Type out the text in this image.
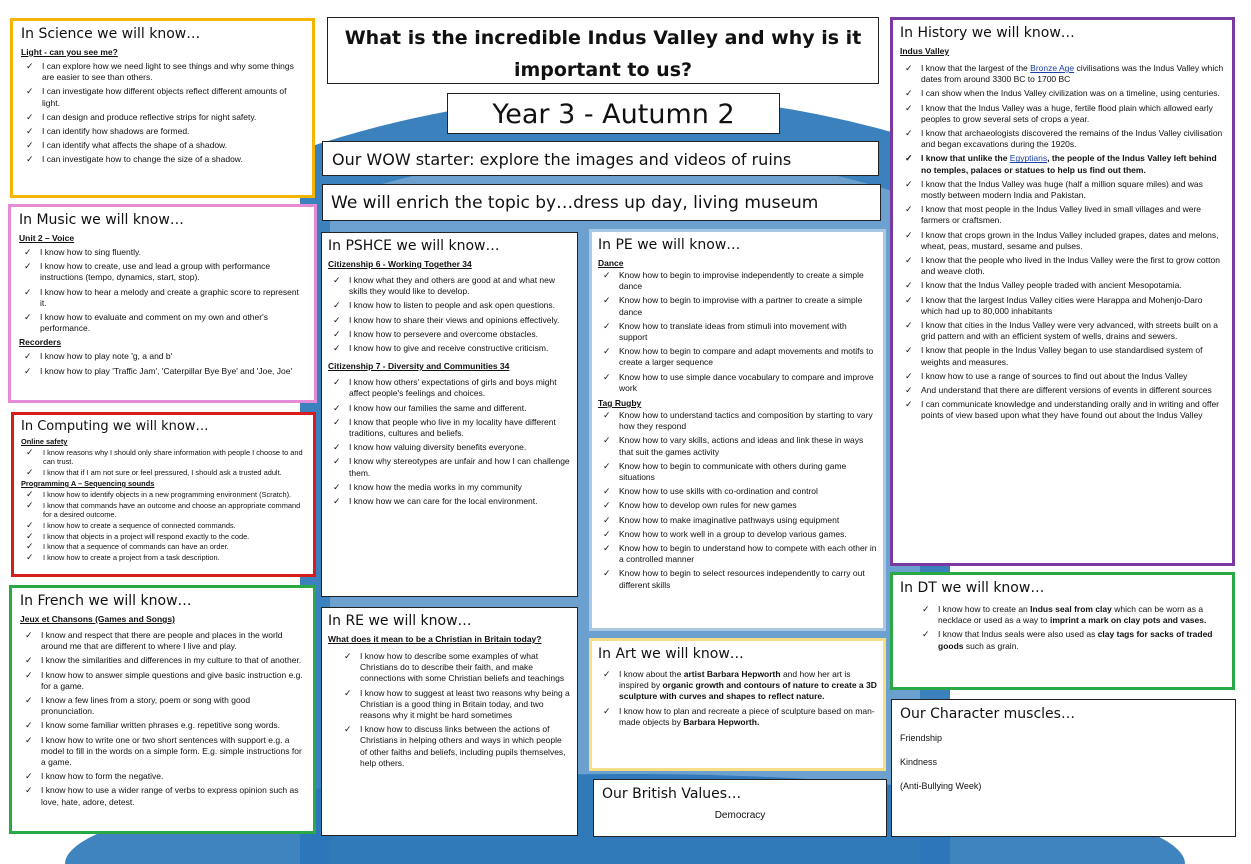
What is the incredible Indus Valley and why is it important to us?
Year 3 - Autumn 2
Our WOW starter: explore the images and videos of ruins
We will enrich the topic by…dress up day, living museum
In Science we will know…
Light - can you see me?
✓ I can explore how we need light to see things and why some things are easier to see than others.
✓ I can investigate how different objects reflect different amounts of light.
✓ I can design and produce reflective strips for night safety.
✓ I can identify how shadows are formed.
✓ I can identify what affects the shape of a shadow.
✓ I can investigate how to change the size of a shadow.
In Music we will know…
Unit 2 – Voice
✓ I know how to sing fluently.
✓ I know how to create, use and lead a group with performance instructions (tempo, dynamics, start, stop).
✓ I know how to hear a melody and create a graphic score to represent it.
✓ I know how to evaluate and comment on my own and other's performance.
Recorders
✓ I know how to play note 'g, a and b'
✓ I know how to play 'Traffic Jam', 'Caterpillar Bye Bye' and 'Joe, Joe'
In Computing we will know…
Online safety
✓ I know reasons why I should only share information with people I choose to and can trust.
✓ I know that if I am not sure or feel pressured, I should ask a trusted adult.
Programming A – Sequencing sounds
✓ I know how to identify objects in a new programming environment (Scratch).
✓ I know that commands have an outcome and choose an appropriate command for a desired outcome.
✓ I know how to create a sequence of connected commands.
✓ I know that objects in a project will respond exactly to the code.
✓ I know that a sequence of commands can have an order.
✓ I know how to create a project from a task description.
In French we will know…
Jeux et Chansons (Games and Songs)
✓ I know and respect that there are people and places in the world around me that are different to where I live and play.
✓ I know the similarities and differences in my culture to that of another.
✓ I know how to answer simple questions and give basic instruction e.g. for a game.
✓ I know a few lines from a story, poem or song with good pronunciation.
✓ I know some familiar written phrases e.g. repetitive song words.
✓ I know how to write one or two short sentences with support e.g. a model to fill in the words on a simple form. E.g. simple instructions for a game.
✓ I know how to form the negative.
✓ I know how to use a wider range of verbs to express opinion such as love, hate, adore, detest.
In PSHCE we will know…
Citizenship 6 - Working Together 34
✓ I know what they and others are good at and what new skills they would like to develop.
✓ I know how to listen to people and ask open questions.
✓ I know how to share their views and opinions effectively.
✓ I know how to persevere and overcome obstacles.
✓ I know how to give and receive constructive criticism.
Citizenship 7 - Diversity and Communities 34
✓ I know how others' expectations of girls and boys might affect people's feelings and choices.
✓ I know how our families the same and different.
✓ I know that people who live in my locality have different traditions, cultures and beliefs.
✓ I know how valuing diversity benefits everyone.
✓ I know why stereotypes are unfair and how I can challenge them.
✓ I know how the media works in my community
✓ I know how we can care for the local environment.
In RE we will know…
What does it mean to be a Christian in Britain today?
✓ I know how to describe some examples of what Christians do to describe their faith, and make connections with some Christian beliefs and teachings
✓ I know how to suggest at least two reasons why being a Christian is a good thing in Britain today, and two reasons why it might be hard sometimes
✓ I know how to discuss links between the actions of Christians in helping others and ways in which people of other faiths and beliefs, including pupils themselves, help others.
In PE we will know…
Dance
✓ Know how to begin to improvise independently to create a simple dance
✓ Know how to begin to improvise with a partner to create a simple dance
✓ Know how to translate ideas from stimuli into movement with support
✓ Know how to begin to compare and adapt movements and motifs to create a larger sequence
✓ Know how to use simple dance vocabulary to compare and improve work
Tag Rugby
✓ Know how to understand tactics and composition by starting to vary how they respond
✓ Know how to vary skills, actions and ideas and link these in ways that suit the games activity
✓ Know how to begin to communicate with others during game situations
✓ Know how to use skills with co-ordination and control
✓ Know how to develop own rules for new games
✓ Know how to make imaginative pathways using equipment
✓ Know how to work well in a group to develop various games.
✓ Know how to begin to understand how to compete with each other in a controlled manner
✓ Know how to begin to select resources independently to carry out different skills
In Art we will know…
✓ I know about the artist Barbara Hepworth and how her art is inspired by organic growth and contours of nature to create a 3D sculpture with curves and shapes to reflect nature.
✓ I know how to plan and recreate a piece of sculpture based on man-made objects by Barbara Hepworth.
Our British Values…
Democracy
In History we will know…
Indus Valley
✓ I know that the largest of the Bronze Age civilisations was the Indus Valley which dates from around 3300 BC to 1700 BC
✓ I can show when the Indus Valley civilization was on a timeline, using centuries.
✓ I know that the Indus Valley was a huge, fertile flood plain which allowed early peoples to grow several sets of crops a year.
✓ I know that archaeologists discovered the remains of the Indus Valley civilisation and began excavations during the 1920s.
✓ I know that unlike the Egyptians, the people of the Indus Valley left behind no temples, palaces or statues to help us find out them.
✓ I know that the Indus Valley was huge (half a million square miles) and was mostly between modern India and Pakistan.
✓ I know that most people in the Indus Valley lived in small villages and were farmers or craftsmen.
✓ I know that crops grown in the Indus Valley included grapes, dates and melons, wheat, peas, mustard, sesame and pulses.
✓ I know that the people who lived in the Indus Valley were the first to grow cotton and weave cloth.
✓ I know that the Indus Valley people traded with ancient Mesopotamia.
✓ I know that the largest Indus Valley cities were Harappa and Mohenjo-Daro which had up to 80,000 inhabitants
✓ I know that cities in the Indus Valley were very advanced, with streets built on a grid pattern and with an efficient system of wells, drains and sewers.
✓ I know that people in the Indus Valley began to use standardised system of weights and measures.
✓ I know how to use a range of sources to find out about the Indus Valley
✓ And understand that there are different versions of events in different sources
✓ I can communicate knowledge and understanding orally and in writing and offer points of view based upon what they have found out about the Indus Valley
In DT we will know…
✓ I know how to create an Indus seal from clay which can be worn as a necklace or used as a way to imprint a mark on clay pots and vases.
✓ I know that Indus seals were also used as clay tags for sacks of traded goods such as grain.
Our Character muscles…
Friendship
Kindness
(Anti-Bullying Week)
